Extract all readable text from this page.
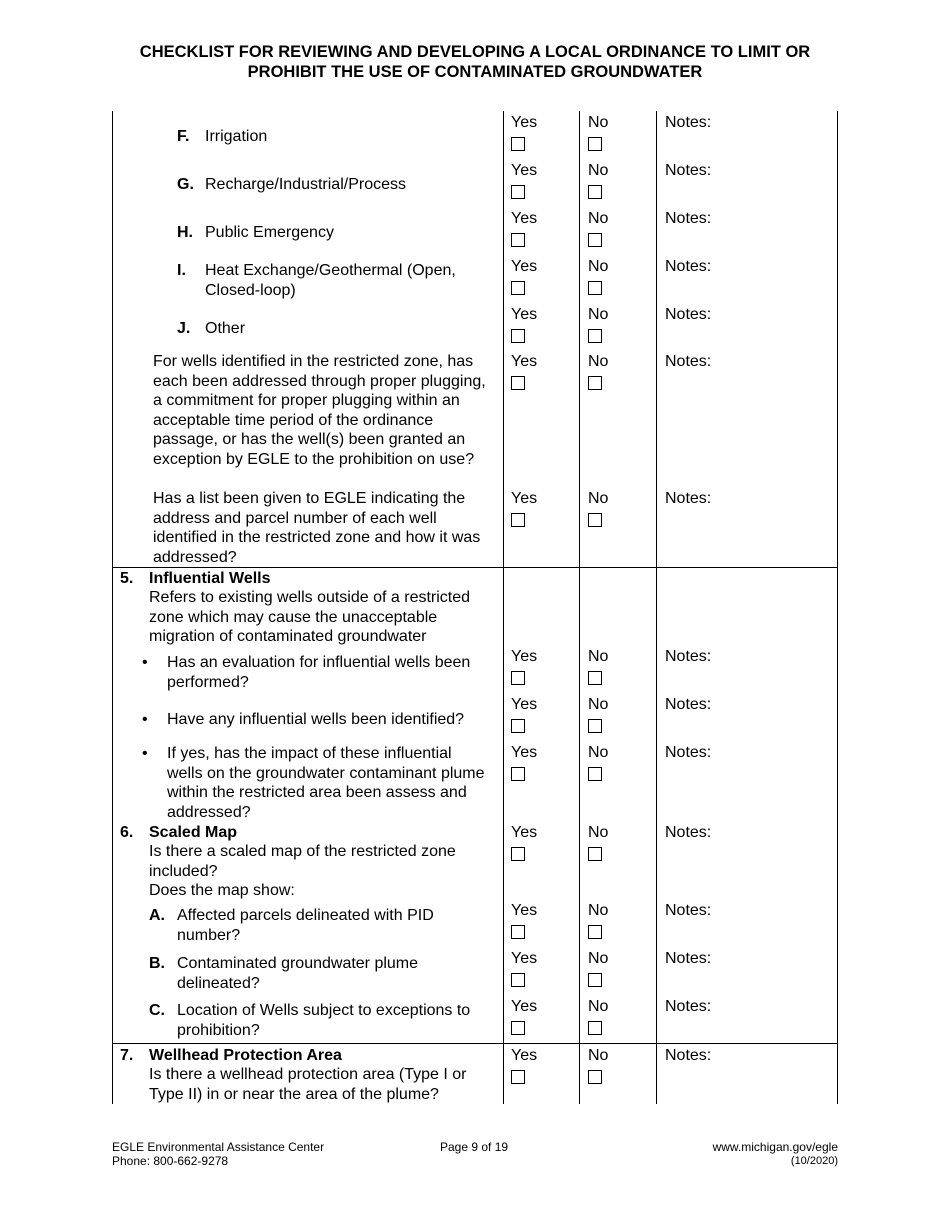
CHECKLIST FOR REVIEWING AND DEVELOPING A LOCAL ORDINANCE TO LIMIT OR
PROHIBIT THE USE OF CONTAMINATED GROUNDWATER
F. Irrigation
Yes	No	Notes:
G. Recharge/Industrial/Process
Yes	No	Notes:
H. Public Emergency
Yes	No	Notes:
I. Heat Exchange/Geothermal (Open, Closed-loop)
Yes	No	Notes:
J. Other
Yes	No	Notes:
For wells identified in the restricted zone, has each been addressed through proper plugging, a commitment for proper plugging within an acceptable time period of the ordinance passage, or has the well(s) been granted an exception by EGLE to the prohibition on use?
Yes	No	Notes:
Has a list been given to EGLE indicating the address and parcel number of each well identified in the restricted zone and how it was addressed?
Yes	No	Notes:
5. Influential Wells
Refers to existing wells outside of a restricted zone which may cause the unacceptable migration of contaminated groundwater
• Has an evaluation for influential wells been performed?
Yes	No	Notes:
• Have any influential wells been identified?
Yes	No	Notes:
• If yes, has the impact of these influential wells on the groundwater contaminant plume within the restricted area been assess and addressed?
Yes	No	Notes:
6. Scaled Map
Is there a scaled map of the restricted zone included?
Does the map show:
Yes	No	Notes:
A. Affected parcels delineated with PID number?
Yes	No	Notes:
B. Contaminated groundwater plume delineated?
Yes	No	Notes:
C. Location of Wells subject to exceptions to prohibition?
Yes	No	Notes:
7. Wellhead Protection Area
Is there a wellhead protection area (Type I or Type II) in or near the area of the plume?
Yes	No	Notes:
EGLE Environmental Assistance Center
Phone: 800-662-9278
Page 9 of 19	www.michigan.gov/egle
(10/2020)
